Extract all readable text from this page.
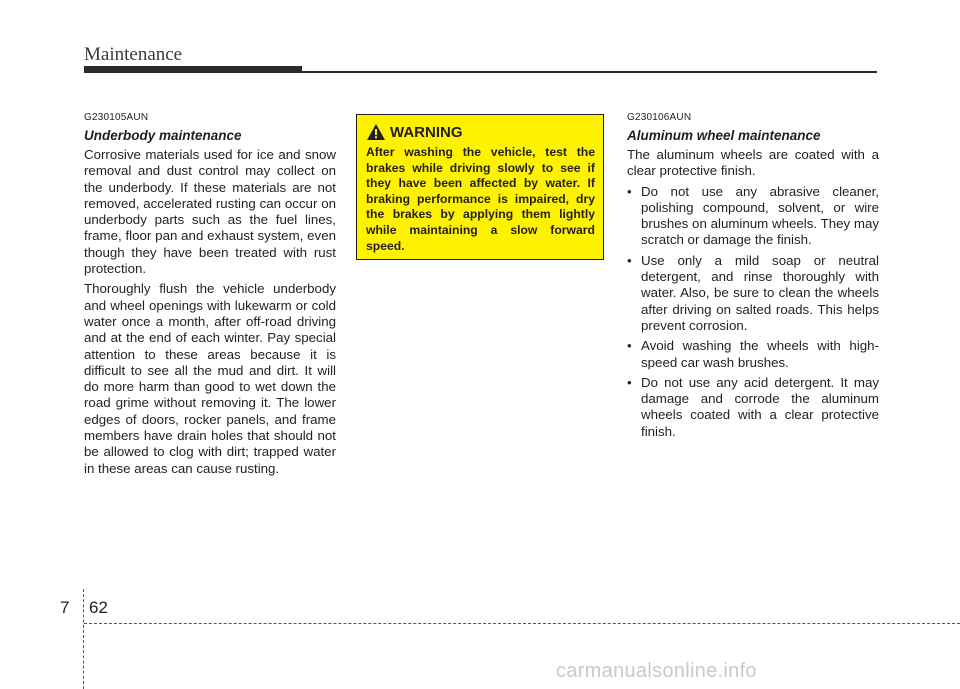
Maintenance

G230105AUN

Underbody maintenance

Corrosive materials used for ice and snow removal and dust control may collect on the underbody. If these materials are not removed, accelerated rusting can occur on underbody parts such as the fuel lines, frame, floor pan and exhaust system, even though they have been treated with rust protection.

Thoroughly flush the vehicle underbody and wheel openings with lukewarm or cold water once a month, after off-road driving and at the end of each winter. Pay special attention to these areas because it is difficult to see all the mud and dirt. It will do more harm than good to wet down the road grime without removing it. The lower edges of doors, rocker panels, and frame members have drain holes that should not be allowed to clog with dirt; trapped water in these areas can cause rusting.

WARNING
After washing the vehicle, test the brakes while driving slowly to see if they have been affected by water. If braking performance is impaired, dry the brakes by applying them lightly while maintaining a slow forward speed.

G230106AUN

Aluminum wheel maintenance

The aluminum wheels are coated with a clear protective finish.

• Do not use any abrasive cleaner, polishing compound, solvent, or wire brushes on aluminum wheels. They may scratch or damage the finish.
• Use only a mild soap or neutral detergent, and rinse thoroughly with water. Also, be sure to clean the wheels after driving on salted roads. This helps prevent corrosion.
• Avoid washing the wheels with high-speed car wash brushes.
• Do not use any acid detergent. It may damage and corrode the aluminum wheels coated with a clear protective finish.
7 62
carmanualsonline.info
